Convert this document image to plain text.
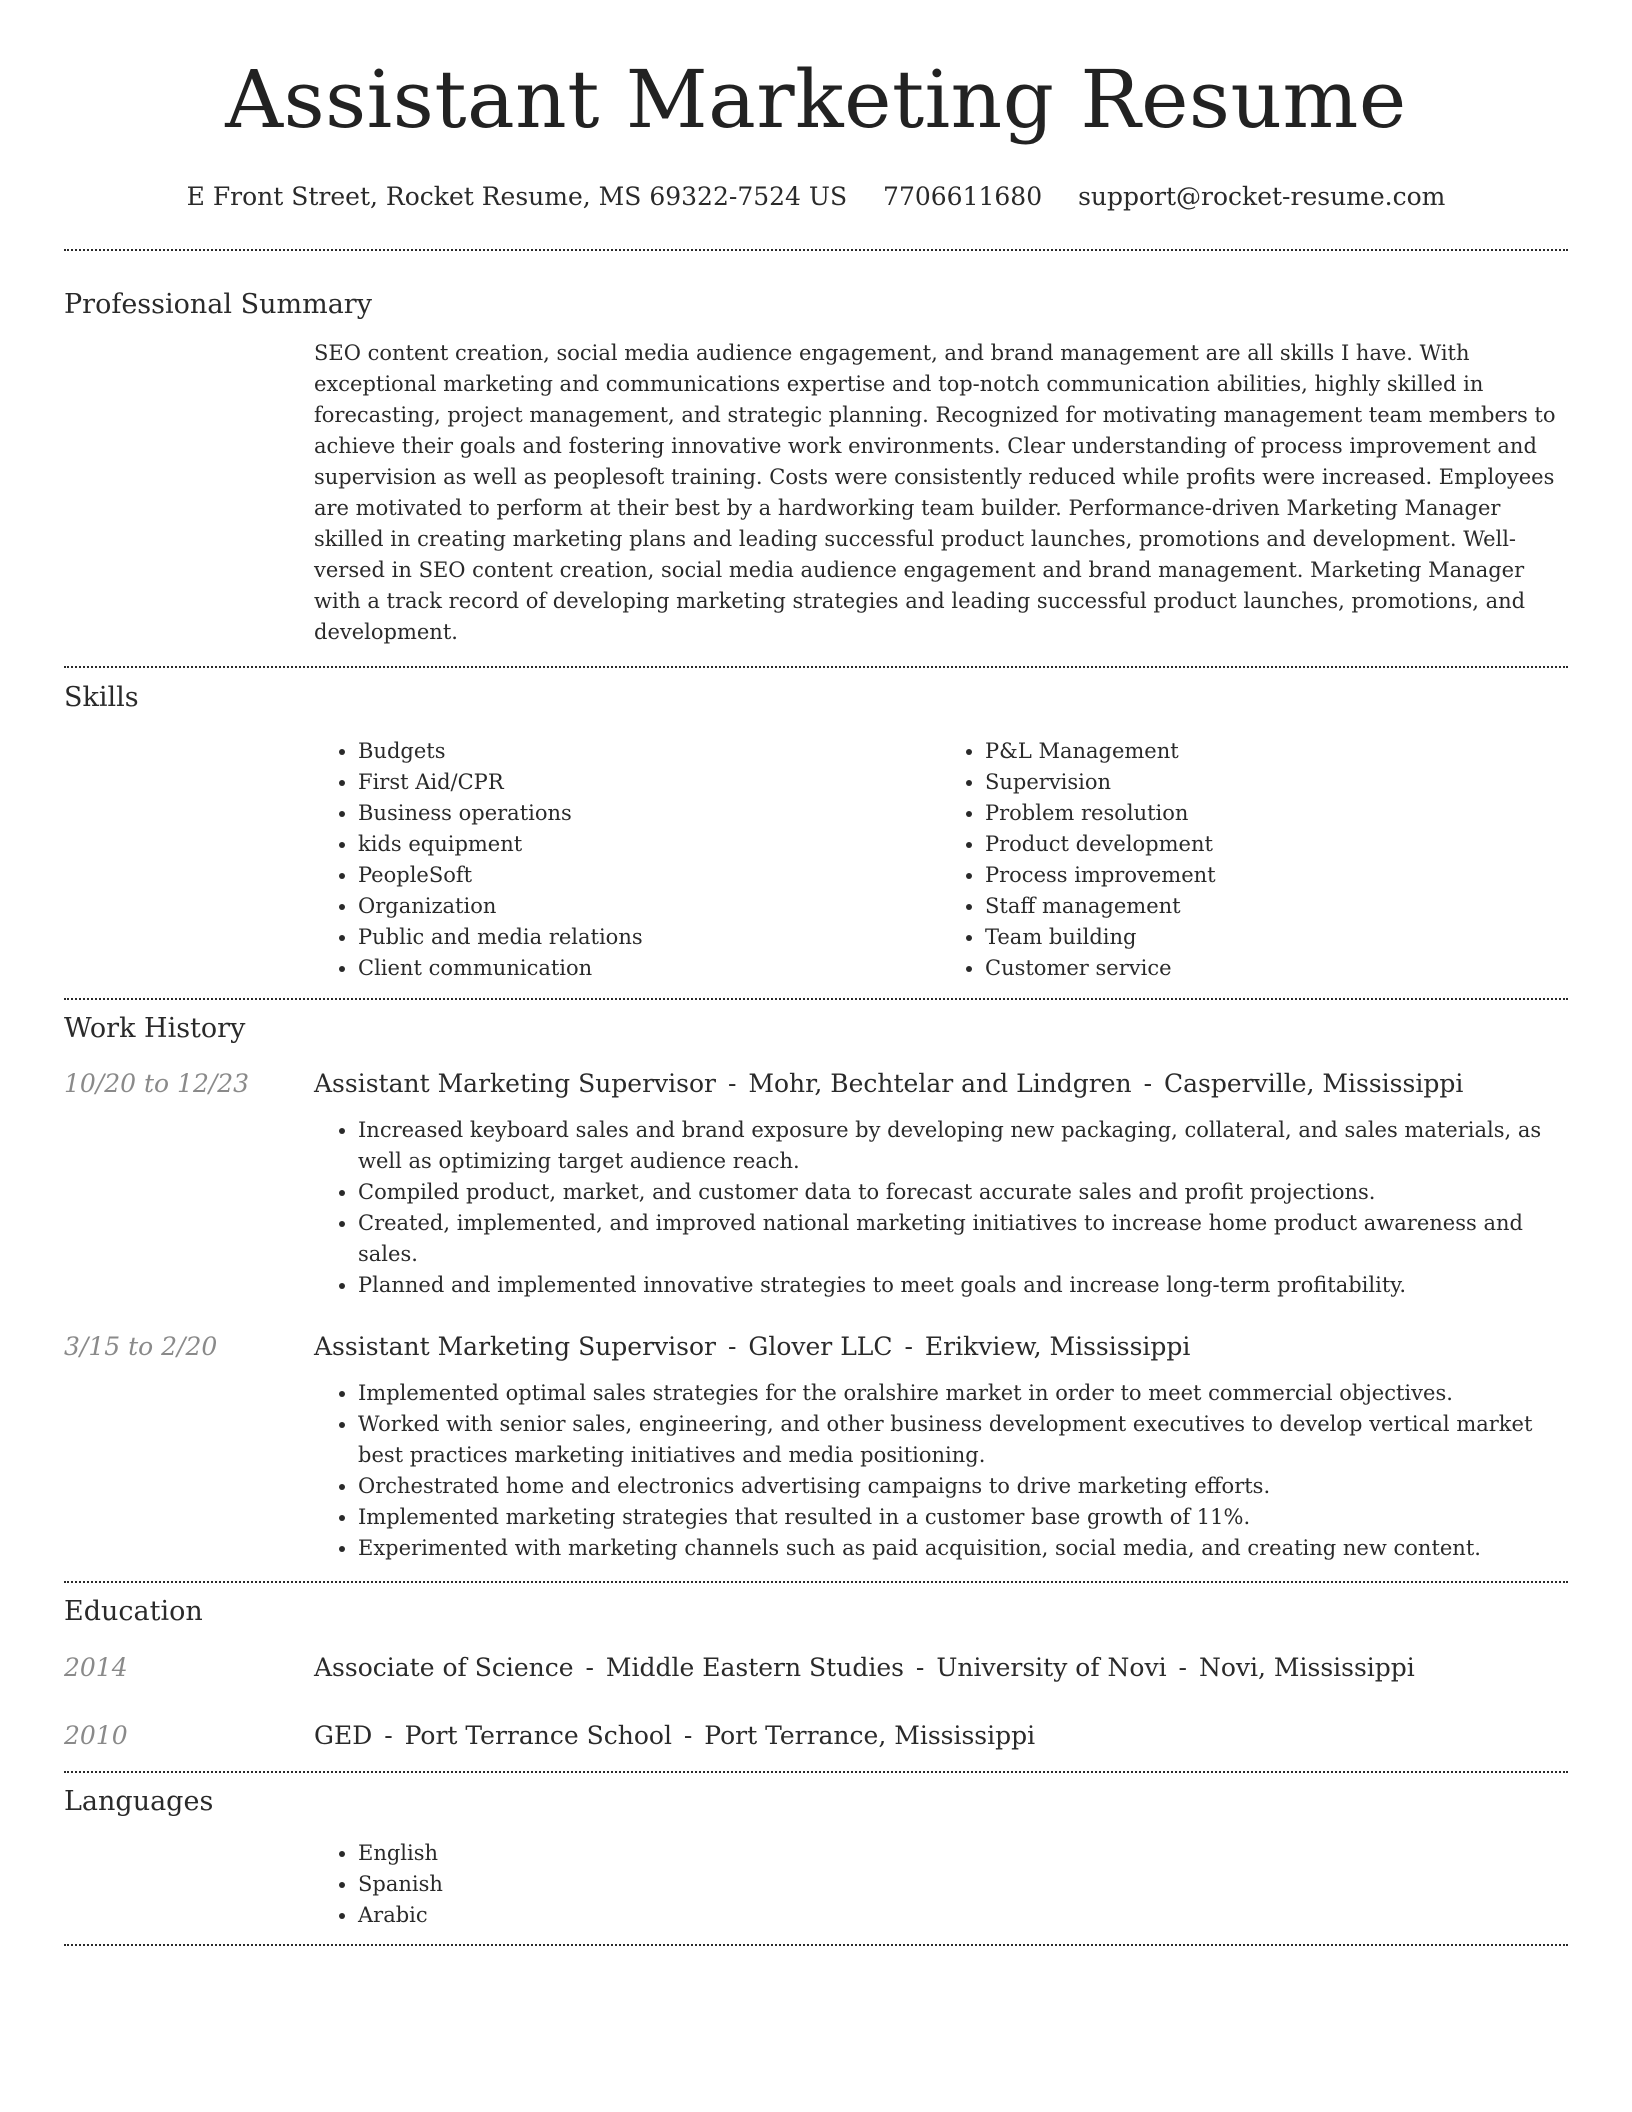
Assistant Marketing Resume
E Front Street, Rocket Resume, MS 69322-7524 US 7706611680 support@rocket-resume.com
Professional Summary

SEO content creation, social media audience engagement, and brand management are all skills I have. With exceptional marketing and communications expertise and top-notch communication abilities, highly skilled in forecasting, project management, and strategic planning. Recognized for motivating management team members to achieve their goals and fostering innovative work environments. Clear understanding of process improvement and supervision as well as peoplesoft training. Costs were consistently reduced while profits were increased. Employees are motivated to perform at their best by a hardworking team builder. Performance-driven Marketing Manager skilled in creating marketing plans and leading successful product launches, promotions and development. Well-versed in SEO content creation, social media audience engagement and brand management. Marketing Manager with a track record of developing marketing strategies and leading successful product launches, promotions, and development.

Skills
• Budgets
• First Aid/CPR
• Business operations
• kids equipment
• PeopleSoft
• Organization
• Public and media relations
• Client communication
• P&L Management
• Supervision
• Problem resolution
• Product development
• Process improvement
• Staff management
• Team building
• Customer service
Work History
10/20 to 12/23	Assistant Marketing Supervisor - Mohr, Bechtelar and Lindgren - Casperville, Mississippi
• Increased keyboard sales and brand exposure by developing new packaging, collateral, and sales materials, as well as optimizing target audience reach.
• Compiled product, market, and customer data to forecast accurate sales and profit projections.
• Created, implemented, and improved national marketing initiatives to increase home product awareness and sales.
• Planned and implemented innovative strategies to meet goals and increase long-term profitability.
3/15 to 2/20	Assistant Marketing Supervisor - Glover LLC - Erikview, Mississippi
• Implemented optimal sales strategies for the oralshire market in order to meet commercial objectives.
• Worked with senior sales, engineering, and other business development executives to develop vertical market best practices marketing initiatives and media positioning.
• Orchestrated home and electronics advertising campaigns to drive marketing efforts.
• Implemented marketing strategies that resulted in a customer base growth of 11%.
• Experimented with marketing channels such as paid acquisition, social media, and creating new content.
Education
2014	Associate of Science - Middle Eastern Studies - University of Novi - Novi, Mississippi
2010	GED - Port Terrance School - Port Terrance, Mississippi
Languages
• English
• Spanish
• Arabic
